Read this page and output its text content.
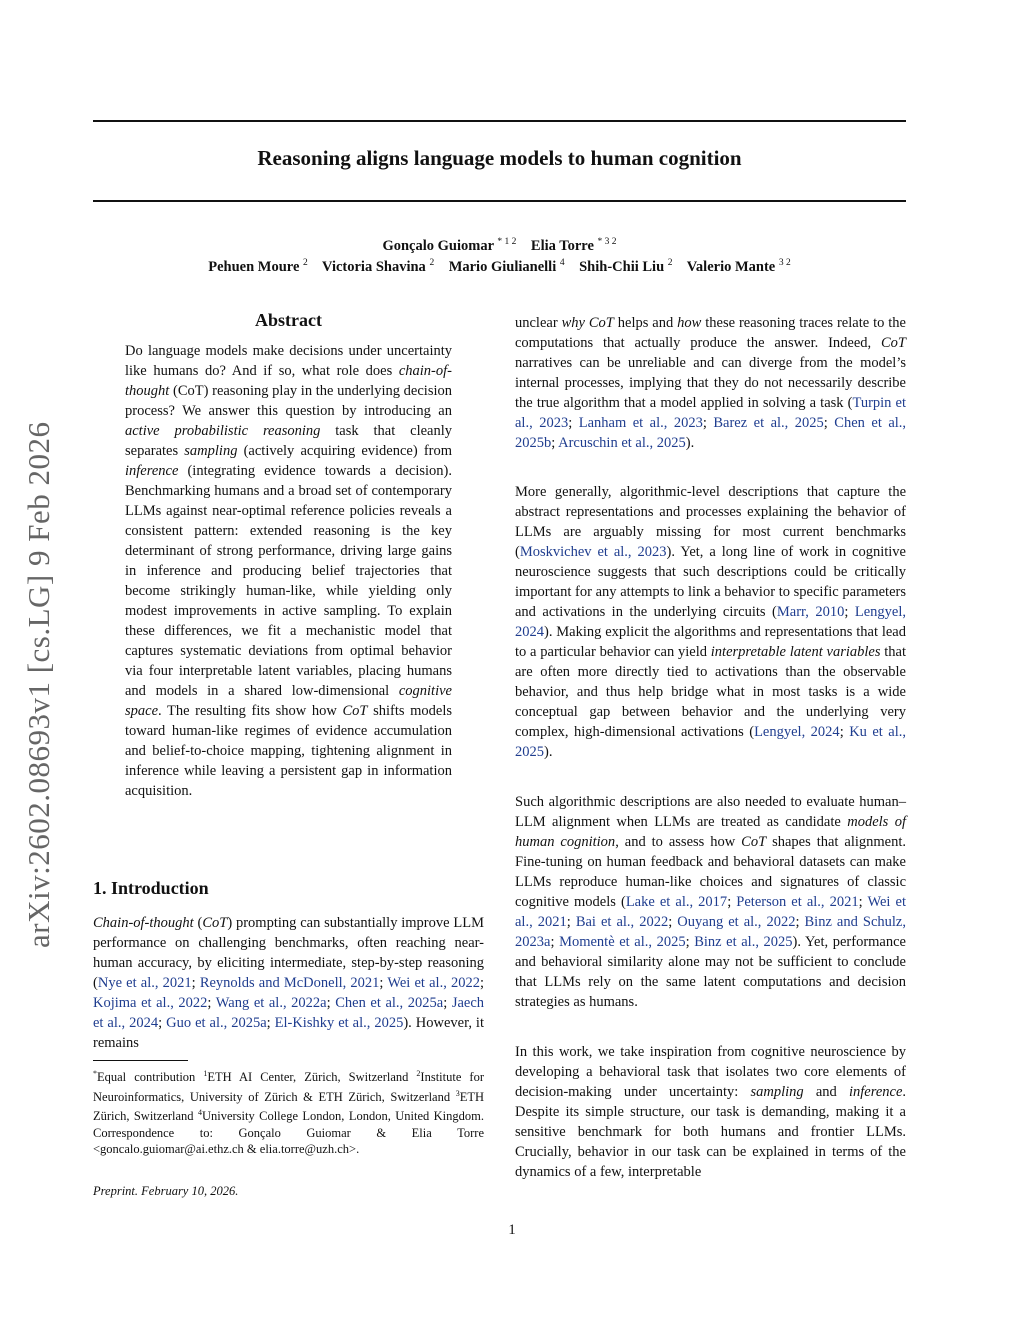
arXiv:2602.08693v1 [cs.LG] 9 Feb 2026
Reasoning aligns language models to human cognition
Gonçalo Guiomar $^{* 1 2}$ Elia Torre $^{* 3 2}$
Pehuen Moure $^2$ Victoria Shavina $^2$ Mario Giulianelli $^4$ Shih-Chii Liu $^2$ Valerio Mante $^{3 2}$
Abstract
Do language models make decisions under uncertainty like humans do? And if so, what role does chain-of-thought (CoT) reasoning play in the underlying decision process? We answer this question by introducing an active probabilistic reasoning task that cleanly separates sampling (actively acquiring evidence) from inference (integrating evidence towards a decision). Benchmarking humans and a broad set of contemporary LLMs against near-optimal reference policies reveals a consistent pattern: extended reasoning is the key determinant of strong performance, driving large gains in inference and producing belief trajectories that become strikingly human-like, while yielding only modest improvements in active sampling. To explain these differences, we fit a mechanistic model that captures systematic deviations from optimal behavior via four interpretable latent variables, placing humans and models in a shared low-dimensional cognitive space. The resulting fits show how CoT shifts models toward human-like regimes of evidence accumulation and belief-to-choice mapping, tightening alignment in inference while leaving a persistent gap in information acquisition.
1. Introduction
Chain-of-thought (CoT) prompting can substantially improve LLM performance on challenging benchmarks, often reaching near-human accuracy, by eliciting intermediate, step-by-step reasoning (Nye et al., 2021; Reynolds and McDonell, 2021; Wei et al., 2022; Kojima et al., 2022; Wang et al., 2022a; Chen et al., 2025a; Jaech et al., 2024; Guo et al., 2025a; El-Kishky et al., 2025). However, it remains
*Equal contribution $^1$ETH AI Center, Zürich, Switzerland $^2$Institute for Neuroinformatics, University of Zürich & ETH Zürich, Switzerland $^3$ETH Zürich, Switzerland $^4$University College London, London, United Kingdom. Correspondence to: Gonçalo Guiomar & Elia Torre <goncalo.guiomar@ai.ethz.ch & elia.torre@uzh.ch>.
Preprint. February 10, 2026.
unclear why CoT helps and how these reasoning traces relate to the computations that actually produce the answer. Indeed, CoT narratives can be unreliable and can diverge from the model’s internal processes, implying that they do not necessarily describe the true algorithm that a model applied in solving a task (Turpin et al., 2023; Lanham et al., 2023; Barez et al., 2025; Chen et al., 2025b; Arcuschin et al., 2025).
More generally, algorithmic-level descriptions that capture the abstract representations and processes explaining the behavior of LLMs are arguably missing for most current benchmarks (Moskvichev et al., 2023). Yet, a long line of work in cognitive neuroscience suggests that such descriptions could be critically important for any attempts to link a behavior to specific parameters and activations in the underlying circuits (Marr, 2010; Lengyel, 2024). Making explicit the algorithms and representations that lead to a particular behavior can yield interpretable latent variables that are often more directly tied to activations than the observable behavior, and thus help bridge what in most tasks is a wide conceptual gap between behavior and the underlying very complex, high-dimensional activations (Lengyel, 2024; Ku et al., 2025).
Such algorithmic descriptions are also needed to evaluate human–LLM alignment when LLMs are treated as candidate models of human cognition, and to assess how CoT shapes that alignment. Fine-tuning on human feedback and behavioral datasets can make LLMs reproduce human-like choices and signatures of classic cognitive models (Lake et al., 2017; Peterson et al., 2021; Wei et al., 2021; Bai et al., 2022; Ouyang et al., 2022; Binz and Schulz, 2023a; Momentè et al., 2025; Binz et al., 2025). Yet, performance and behavioral similarity alone may not be sufficient to conclude that LLMs rely on the same latent computations and decision strategies as humans.
In this work, we take inspiration from cognitive neuroscience by developing a behavioral task that isolates two core elements of decision-making under uncertainty: sampling and inference. Despite its simple structure, our task is demanding, making it a sensitive benchmark for both humans and frontier LLMs. Crucially, behavior in our task can be explained in terms of the dynamics of a few, interpretable
1
